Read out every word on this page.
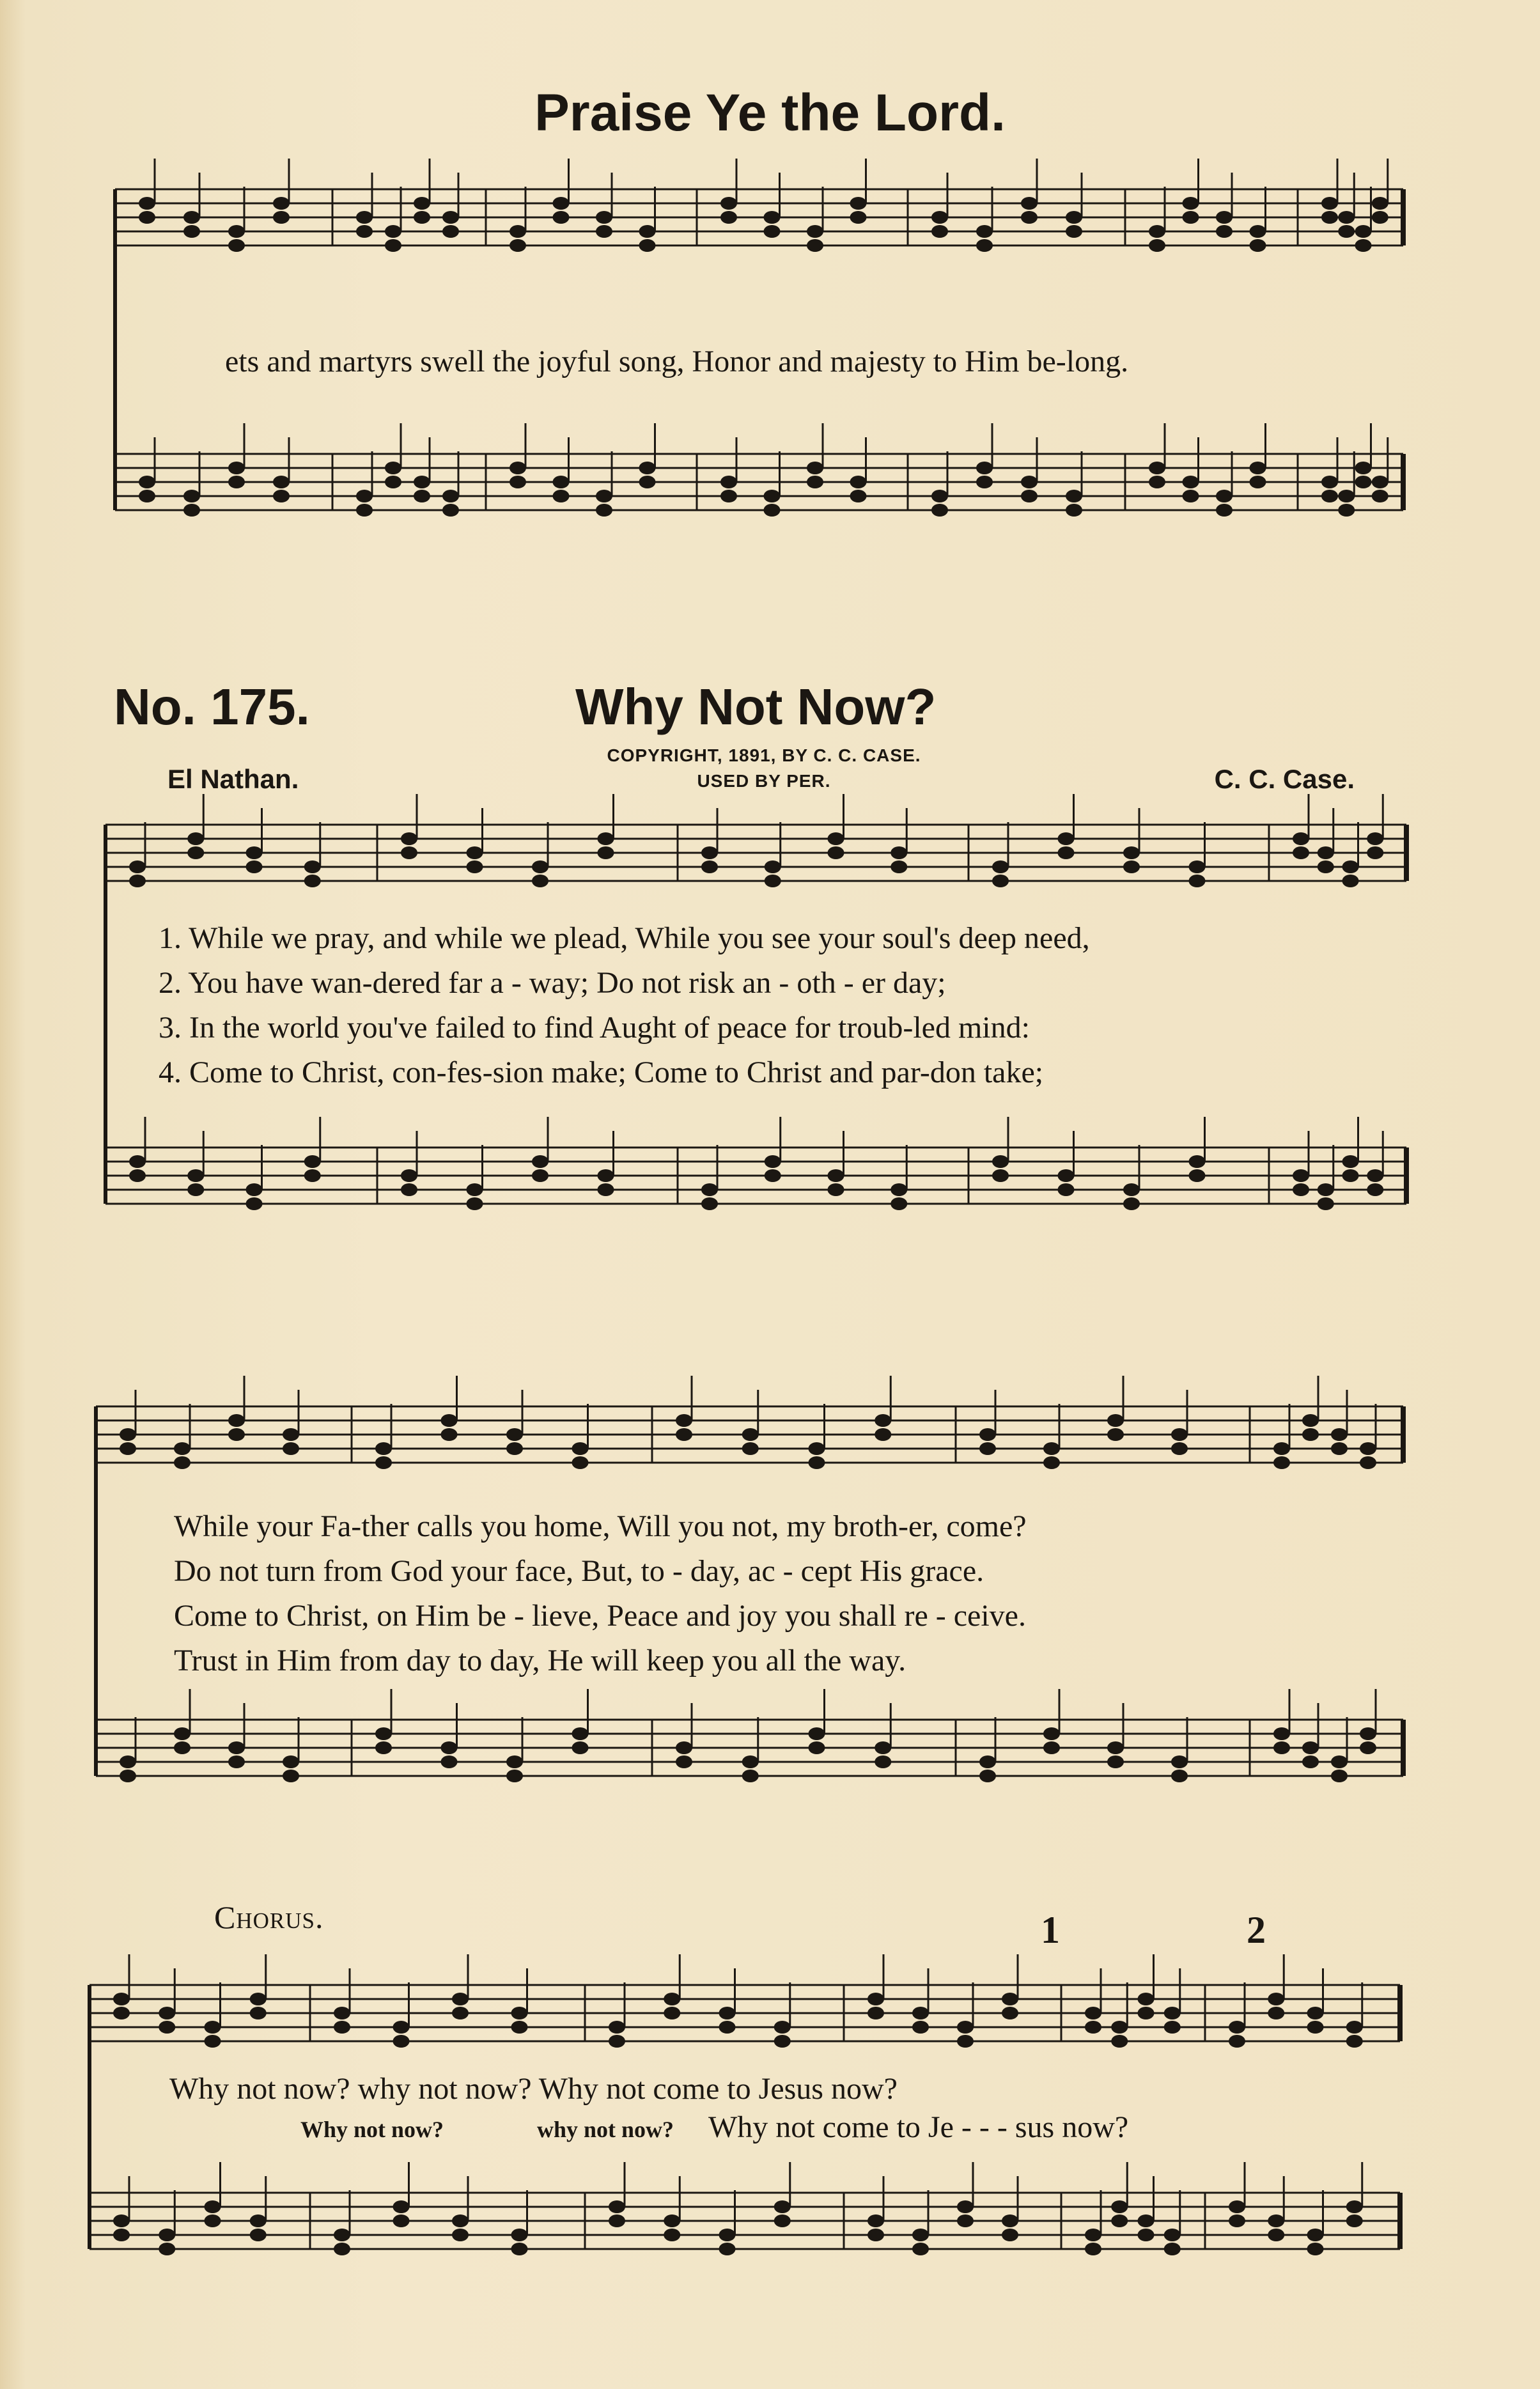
Praise Ye the Lord.
ets and martyrs swell the joyful song, Honor and majesty to Him be-long.
No. 175.	Why Not Now?
COPYRIGHT, 1891, BY C. C. CASE.
USED BY PER.
El Nathan.	C. C. Case.
1. While we pray, and while we plead, While you see your soul's deep need,
2. You have wan-dered far a - way; Do not risk an - oth - er day;
3. In the world you've failed to find Aught of peace for troub-led mind:
4. Come to Christ, con-fes-sion make; Come to Christ and par-don take;
While your Fa-ther calls you home, Will you not, my broth-er, come?
Do not turn from God your face, But, to - day, ac - cept His grace.
Come to Christ, on Him be - lieve, Peace and joy you shall re - ceive.
Trust in Him from day to day, He will keep you all the way.
Chorus.	1	2
Why not now? why not now? Why not come to Jesus now?
Why not now?	why not now? Why not come to Je - - - sus now?
